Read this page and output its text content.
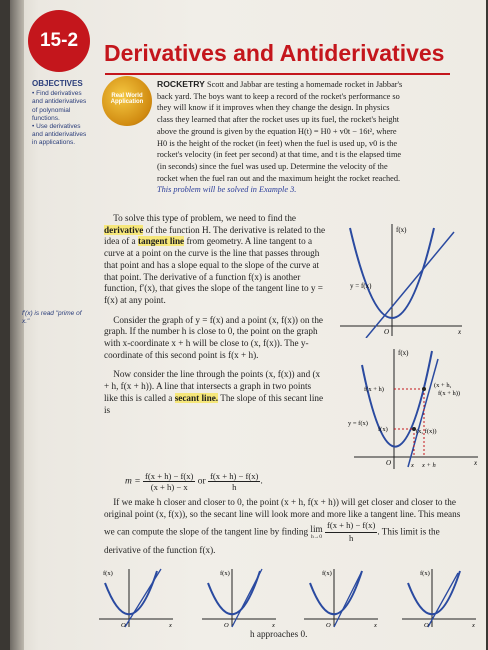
15-2	Derivatives and Antiderivatives
OBJECTIVES
• Find derivatives and antiderivatives of polynomial functions.
• Use derivatives and antiderivatives in applications.
Real World Application
ROCKETRY Scott and Jabbar are testing a homemade rocket in Jabbar's back yard. The boys want to keep a record of the rocket's performance so they will know if it improves when they change the design. In physics class they learned that after the rocket uses up its fuel, the rocket's height above the ground is given by the equation H(t) = H0 + v0t − 16t², where H0 is the height of the rocket (in feet) when the fuel is used up, v0 is the rocket's velocity (in feet per second) at that time, and t is the elapsed time (in seconds) since the fuel was used up. Determine the velocity of the rocket when the fuel ran out and the maximum height the rocket reached. This problem will be solved in Example 3.
f′(x) is read "prime of x."

To solve this type of problem, we need to find the derivative of the function H. The derivative is related to the idea of a tangent line from geometry. A line tangent to a curve at a point on the curve is the line that passes through that point and has a slope equal to the slope of the curve at that point. The derivative of a function f(x) is another function, f′(x), that gives the slope of the tangent line to y = f(x) at any point.

Consider the graph of y = f(x) and a point (x, f(x)) on the graph. If the number h is close to 0, the point on the graph with x-coordinate x + h will be close to (x, f(x)). The y-coordinate of this second point is f(x + h).

Now consider the line through the points (x, f(x)) and (x + h, f(x + h)). A line that intersects a graph in two points like this is called a secant line. The slope of this secant line is

$m = \frac{f(x + h) - f(x)}{(x + h) - x}$ or $\frac{f(x + h) - f(x)}{h}$ .
If we make h closer and closer to 0, the point (x + h, f(x + h)) will get closer and closer to the original point (x, f(x)), so the secant line will look more and more like a tangent line. This means we can compute the slope of the tangent line by finding lim
h→0
$\frac{f(x + h) - f(x)}{h}$ . This limit is the derivative of the function f(x).
f(x)
x
O
y = f(x)
f(x)
x
O
y = f(x)
f(x + h)
f(x)
(x + h,
f(x + h))
(x, f(x))
x x + h
f(x)
x
O
f(x)
x
O
f(x)
x
O
f(x)
x
O
h approaches 0.
